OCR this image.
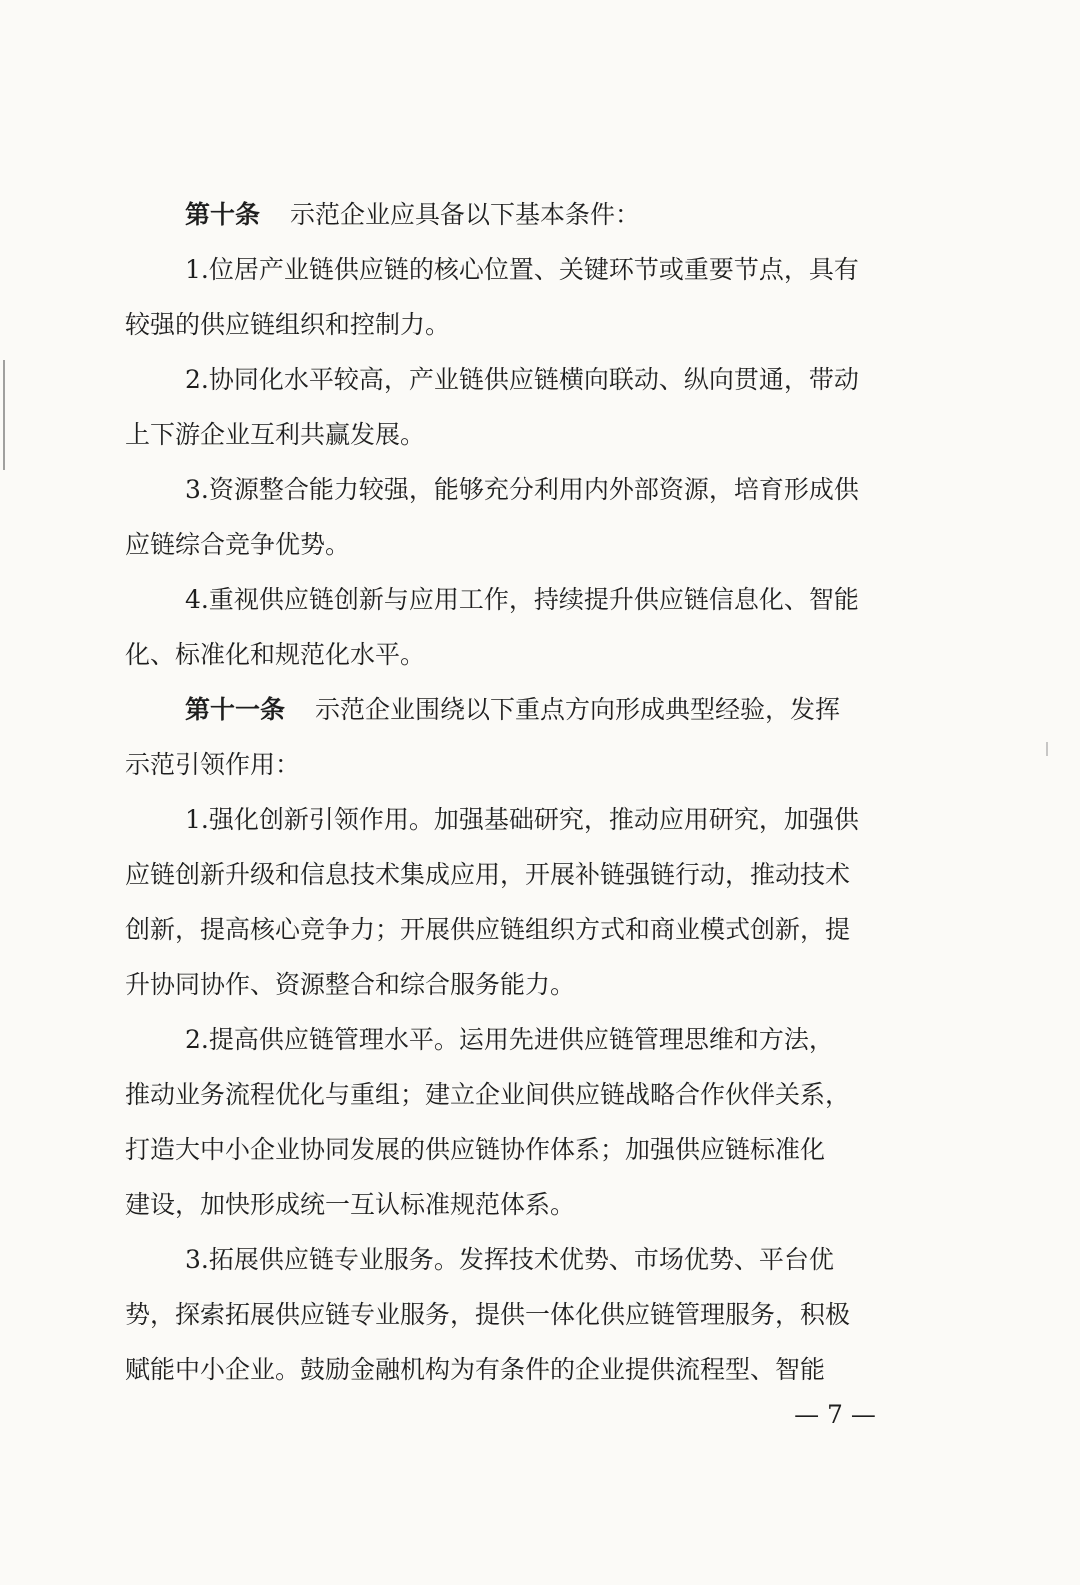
第十条 示范企业应具备以下基本条件：
1.位居产业链供应链的核心位置、关键环节或重要节点，具有
较强的供应链组织和控制力。
2.协同化水平较高，产业链供应链横向联动、纵向贯通，带动
上下游企业互利共赢发展。
3.资源整合能力较强，能够充分利用内外部资源，培育形成供
应链综合竞争优势。
4.重视供应链创新与应用工作，持续提升供应链信息化、智能
化、标准化和规范化水平。
第十一条 示范企业围绕以下重点方向形成典型经验，发挥
示范引领作用：
1.强化创新引领作用。加强基础研究，推动应用研究，加强供
应链创新升级和信息技术集成应用，开展补链强链行动，推动技术
创新，提高核心竞争力；开展供应链组织方式和商业模式创新，提
升协同协作、资源整合和综合服务能力。
2.提高供应链管理水平。运用先进供应链管理思维和方法，
推动业务流程优化与重组；建立企业间供应链战略合作伙伴关系，
打造大中小企业协同发展的供应链协作体系；加强供应链标准化
建设，加快形成统一互认标准规范体系。
3.拓展供应链专业服务。发挥技术优势、市场优势、平台优
势，探索拓展供应链专业服务，提供一体化供应链管理服务，积极
赋能中小企业。鼓励金融机构为有条件的企业提供流程型、智能
— 7 —
